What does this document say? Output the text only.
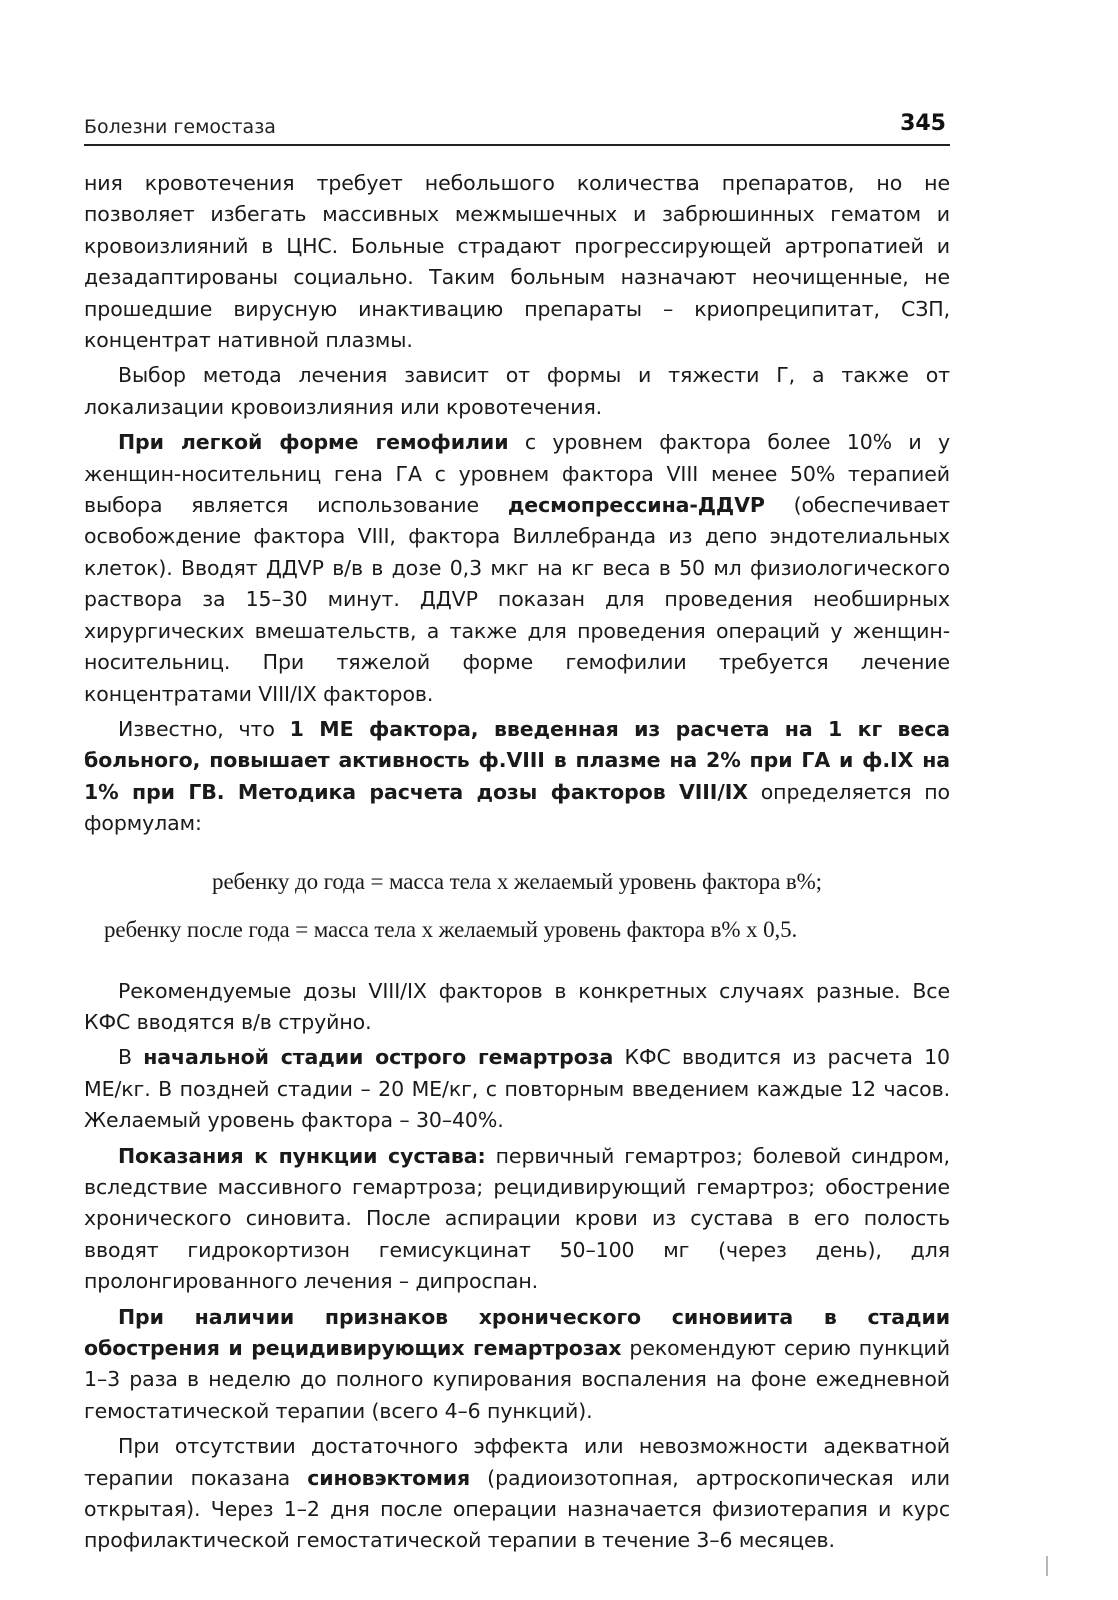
Болезни гемостаза	345

ния кровотечения требует небольшого количества препаратов, но не позволяет избегать массивных межмышечных и забрюшинных гематом и кровоизлияний в ЦНС. Больные страдают прогрессирующей артропатией и дезадаптированы социально. Таким больным назначают неочищенные, не прошедшие вирусную инактивацию препараты – криопреципитат, СЗП, концентрат нативной плазмы.

Выбор метода лечения зависит от формы и тяжести Г, а также от локализации кровоизлияния или кровотечения.

При легкой форме гемофилии с уровнем фактора более 10% и у женщин-носительниц гена ГА с уровнем фактора VIII менее 50% терапией выбора является использование десмопрессина-ДДVP (обеспечивает освобождение фактора VIII, фактора Виллебранда из депо эндотелиальных клеток). Вводят ДДVP в/в в дозе 0,3 мкг на кг веса в 50 мл физиологического раствора за 15–30 минут. ДДVP показан для проведения необширных хирургических вмешательств, а также для проведения операций у женщин-носительниц. При тяжелой форме гемофилии требуется лечение концентратами VIII/IX факторов.

Известно, что 1 МЕ фактора, введенная из расчета на 1 кг веса больного, повышает активность ф.VIII в плазме на 2% при ГА и ф.IX на 1% при ГВ. Методика расчета дозы факторов VIII/IX определяется по формулам:

ребенку до года = масса тела х желаемый уровень фактора в%;
ребенку после года = масса тела х желаемый уровень фактора в% х 0,5.

Рекомендуемые дозы VIII/IX факторов в конкретных случаях разные. Все КФС вводятся в/в струйно.

В начальной стадии острого гемартроза КФС вводится из расчета 10 МЕ/кг. В поздней стадии – 20 МЕ/кг, с повторным введением каждые 12 часов. Желаемый уровень фактора – 30–40%.

Показания к пункции сустава: первичный гемартроз; болевой синдром, вследствие массивного гемартроза; рецидивирующий гемартроз; обострение хронического синовита. После аспирации крови из сустава в его полость вводят гидрокортизон гемисукцинат 50–100 мг (через день), для пролонгированного лечения – дипроспан.

При наличии признаков хронического синовиита в стадии обострения и рецидивирующих гемартрозах рекомендуют серию пункций 1–3 раза в неделю до полного купирования воспаления на фоне ежедневной гемостатической терапии (всего 4–6 пункций).

При отсутствии достаточного эффекта или невозможности адекватной терапии показана синовэктомия (радиоизотопная, артроскопическая или открытая). Через 1–2 дня после операции назначается физиотерапия и курс профилактической гемостатической терапии в течение 3–6 месяцев.
